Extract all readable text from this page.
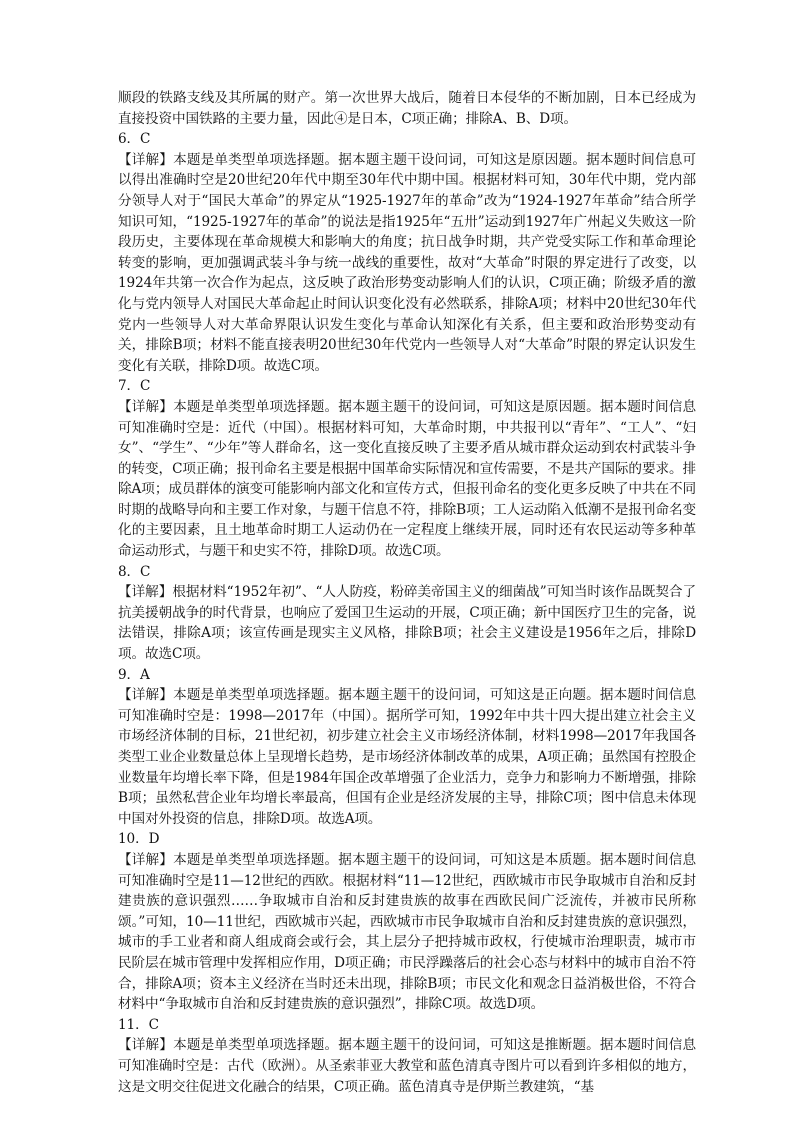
顺段的铁路支线及其所属的财产。第一次世界大战后，随着日本侵华的不断加剧，日本已经成为直接投资中国铁路的主要力量，因此④是日本，C项正确；排除A、B、D项。

6．C

【详解】本题是单类型单项选择题。据本题主题干设问词，可知这是原因题。据本题时间信息可以得出准确时空是20世纪20年代中期至30年代中期中国。根据材料可知，30年代中期，党内部分领导人对于“国民大革命”的界定从“1925-1927年的革命”改为“1924-1927年革命”结合所学知识可知，“1925-1927年的革命”的说法是指1925年“五卅”运动到1927年广州起义失败这一阶段历史，主要体现在革命规模大和影响大的角度；抗日战争时期，共产党受实际工作和革命理论转变的影响，更加强调武装斗争与统一战线的重要性，故对“大革命”时限的界定进行了改变，以1924年共第一次合作为起点，这反映了政治形势变动影响人们的认识，C项正确；阶级矛盾的激化与党内领导人对国民大革命起止时间认识变化没有必然联系，排除A项；材料中20世纪30年代党内一些领导人对大革命界限认识发生变化与革命认知深化有关系，但主要和政治形势变动有关，排除B项；材料不能直接表明20世纪30年代党内一些领导人对“大革命”时限的界定认识发生变化有关联，排除D项。故选C项。

7．C

【详解】本题是单类型单项选择题。据本题主题干的设问词，可知这是原因题。据本题时间信息可知准确时空是：近代（中国）。根据材料可知，大革命时期，中共报刊以“青年”、“工人”、“妇女”、“学生”、“少年”等人群命名，这一变化直接反映了主要矛盾从城市群众运动到农村武装斗争的转变，C项正确；报刊命名主要是根据中国革命实际情况和宣传需要，不是共产国际的要求。排除A项；成员群体的演变可能影响内部文化和宣传方式，但报刊命名的变化更多反映了中共在不同时期的战略导向和主要工作对象，与题干信息不符，排除B项；工人运动陷入低潮不是报刊命名变化的主要因素，且土地革命时期工人运动仍在一定程度上继续开展，同时还有农民运动等多种革命运动形式，与题干和史实不符，排除D项。故选C项。

8．C

【详解】根据材料“1952年初”、“人人防疫，粉碎美帝国主义的细菌战”可知当时该作品既契合了抗美援朝战争的时代背景，也响应了爱国卫生运动的开展，C项正确；新中国医疗卫生的完备，说法错误，排除A项；该宣传画是现实主义风格，排除B项；社会主义建设是1956年之后，排除D项。故选C项。

9．A

【详解】本题是单类型单项选择题。据本题主题干的设问词，可知这是正向题。据本题时间信息可知准确时空是：1998—2017年（中国）。据所学可知，1992年中共十四大提出建立社会主义市场经济体制的目标，21世纪初，初步建立社会主义市场经济体制，材料1998—2017年我国各类型工业企业数量总体上呈现增长趋势，是市场经济体制改革的成果，A项正确；虽然国有控股企业数量年均增长率下降，但是1984年国企改革增强了企业活力，竞争力和影响力不断增强，排除B项；虽然私营企业年均增长率最高，但国有企业是经济发展的主导，排除C项；图中信息未体现中国对外投资的信息，排除D项。故选A项。

10．D

【详解】本题是单类型单项选择题。据本题主题干的设问词，可知这是本质题。据本题时间信息可知准确时空是11—12世纪的西欧。根据材料“11—12世纪，西欧城市市民争取城市自治和反封建贵族的意识强烈……争取城市自治和反封建贵族的故事在西欧民间广泛流传，并被市民所称颂。”可知，10—11世纪，西欧城市兴起，西欧城市市民争取城市自治和反封建贵族的意识强烈，城市的手工业者和商人组成商会或行会，其上层分子把持城市政权，行使城市治理职责，城市市民阶层在城市管理中发挥相应作用，D项正确；市民浮躁落后的社会心态与材料中的城市自治不符合，排除A项；资本主义经济在当时还未出现，排除B项；市民文化和观念日益消极世俗，不符合材料中“争取城市自治和反封建贵族的意识强烈”，排除C项。故选D项。

11．C

【详解】本题是单类型单项选择题。据本题主题干的设问词，可知这是推断题。据本题时间信息可知准确时空是：古代（欧洲）。从圣索菲亚大教堂和蓝色清真寺图片可以看到许多相似的地方，这是文明交往促进文化融合的结果，C项正确。蓝色清真寺是伊斯兰教建筑，“基
